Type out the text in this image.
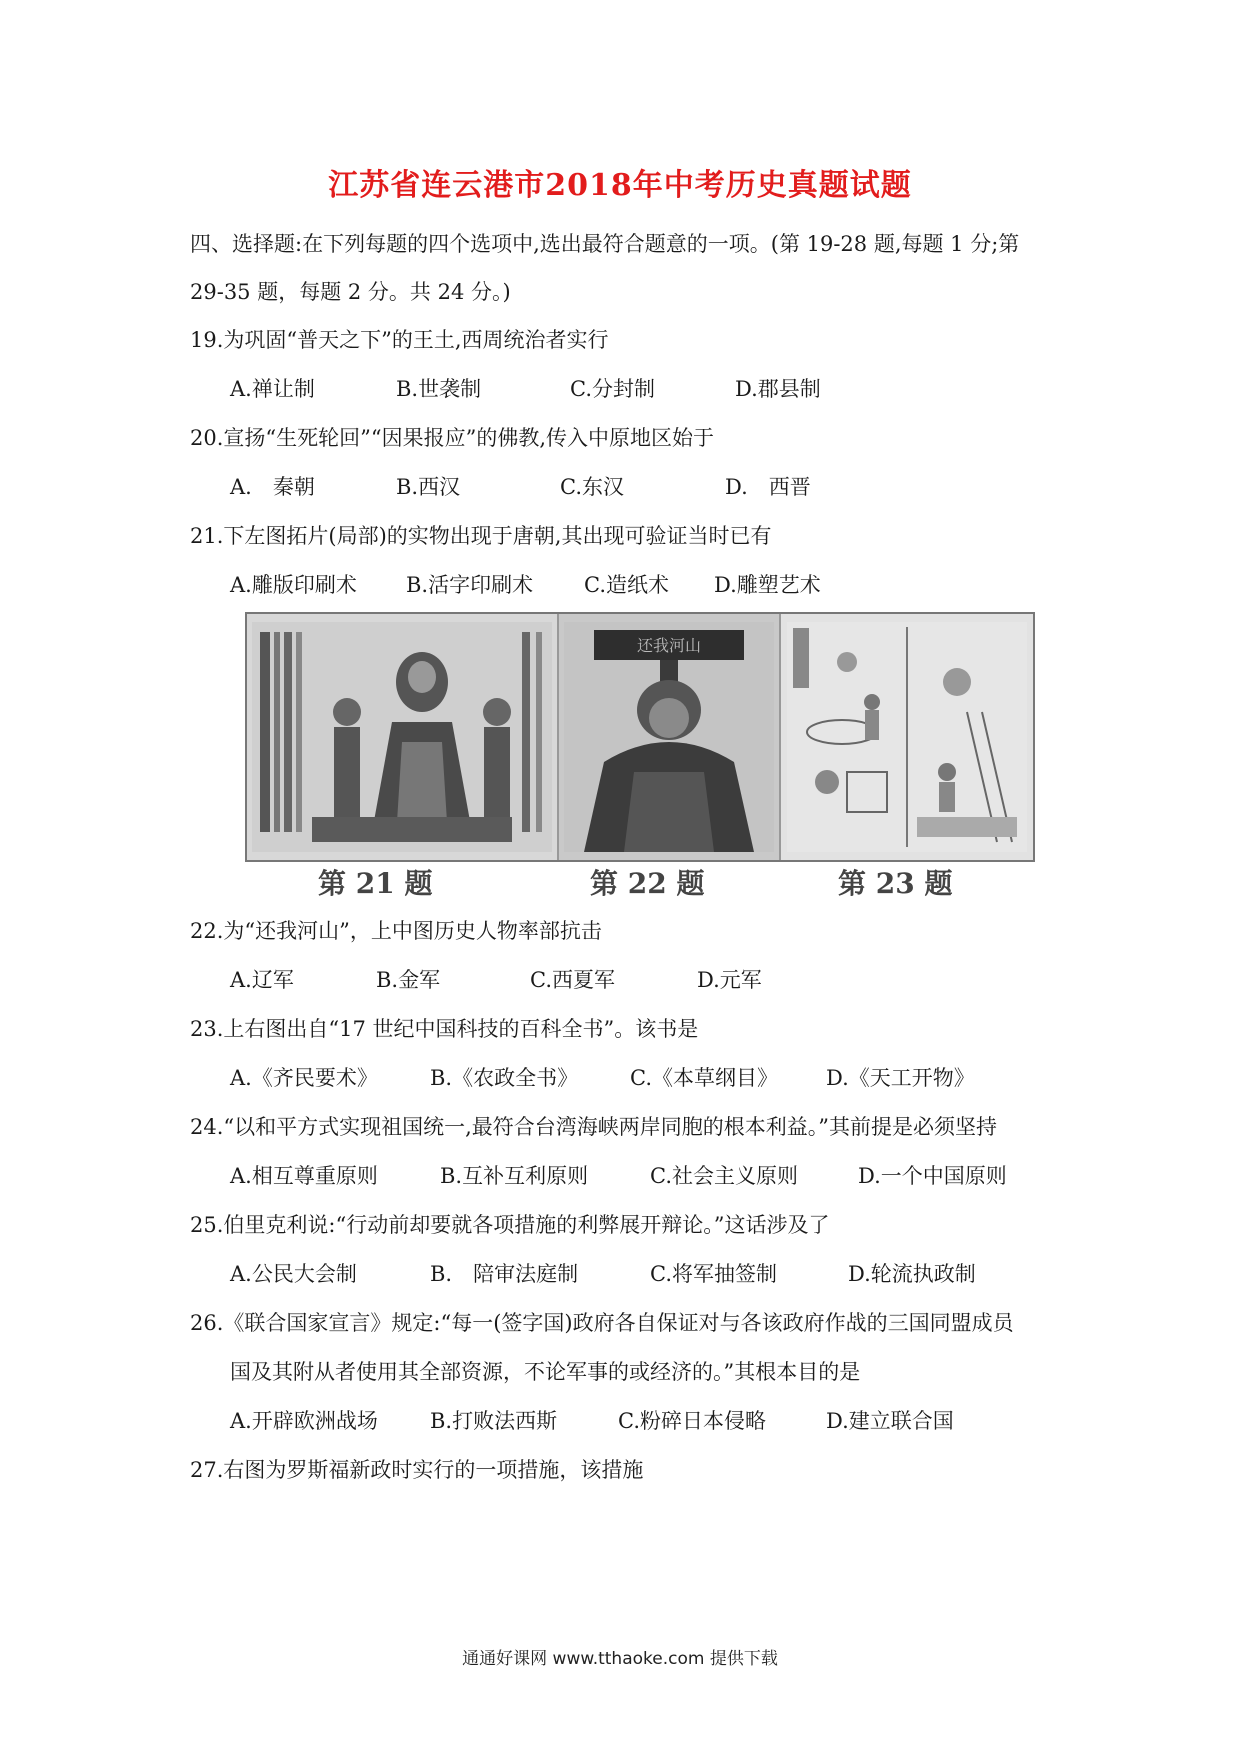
江苏省连云港市2018年中考历史真题试题
四、选择题:在下列每题的四个选项中,选出最符合题意的一项。(第 19-28 题,每题 1 分;第
29-35 题，每题 2 分。共 24 分。)
19.为巩固“普天之下”的王土,西周统治者实行
A.禅让制	B.世袭制	C.分封制	D.郡县制
20.宣扬“生死轮回”“因果报应”的佛教,传入中原地区始于
A.　秦朝	B.西汉	C.东汉	D.　西晋
21.下左图拓片(局部)的实物出现于唐朝,其出现可验证当时已有
A.雕版印刷术 B.活字印刷术 C.造纸术 D.雕塑艺术
还我河山
第 21 题	第 22 题	第 23 题
22.为“还我河山”，上中图历史人物率部抗击
A.辽军	B.金军	C.西夏军	D.元军
23.上右图出自“17 世纪中国科技的百科全书”。该书是
A.《齐民要术》 B.《农政全书》 C.《本草纲目》 D.《天工开物》
24.“以和平方式实现祖国统一,最符合台湾海峡两岸同胞的根本利益。”其前提是必须坚持
A.相互尊重原则	B.互补互利原则	C.社会主义原则	D.一个中国原则
25.伯里克利说:“行动前却要就各项措施的利弊展开辩论。”这话涉及了
A.公民大会制	B.　陪审法庭制	C.将军抽签制	D.轮流执政制
26.《联合国家宣言》规定:“每一(签字国)政府各自保证对与各该政府作战的三国同盟成员
国及其附从者使用其全部资源，不论军事的或经济的。”其根本目的是
A.开辟欧洲战场 B.打败法西斯	C.粉碎日本侵略	D.建立联合国
27.右图为罗斯福新政时实行的一项措施，该措施
通通好课网 www.tthaoke.com 提供下载
